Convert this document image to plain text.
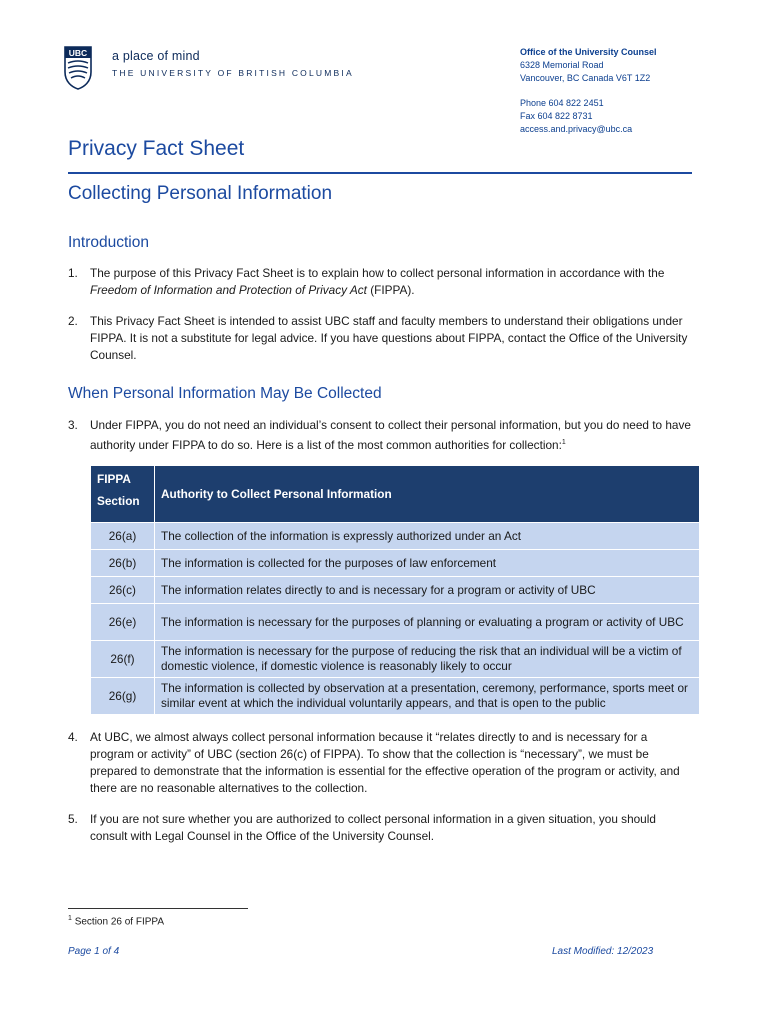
UBC a place of mind
THE UNIVERSITY OF BRITISH COLUMBIA
Office of the University Counsel
6328 Memorial Road
Vancouver, BC Canada V6T 1Z2
Phone 604 822 2451
Fax 604 822 8731
access.and.privacy@ubc.ca
Privacy Fact Sheet
Collecting Personal Information
Introduction
1. The purpose of this Privacy Fact Sheet is to explain how to collect personal information in accordance with the Freedom of Information and Protection of Privacy Act (FIPPA).
2. This Privacy Fact Sheet is intended to assist UBC staff and faculty members to understand their obligations under FIPPA. It is not a substitute for legal advice. If you have questions about FIPPA, contact the Office of the University Counsel.
When Personal Information May Be Collected
3. Under FIPPA, you do not need an individual’s consent to collect their personal information, but you do need to have authority under FIPPA to do so. Here is a list of the most common authorities for collection:$^1$
FIPPA Section	Authority to Collect Personal Information
26(a)	The collection of the information is expressly authorized under an Act
26(b)	The information is collected for the purposes of law enforcement
26(c)	The information relates directly to and is necessary for a program or activity of UBC
26(e)	The information is necessary for the purposes of planning or evaluating a program or activity of UBC
26(f)	The information is necessary for the purpose of reducing the risk that an individual will be a victim of domestic violence, if domestic violence is reasonably likely to occur
26(g)	The information is collected by observation at a presentation, ceremony, performance, sports meet or similar event at which the individual voluntarily appears, and that is open to the public
4. At UBC, we almost always collect personal information because it “relates directly to and is necessary for a program or activity” of UBC (section 26(c) of FIPPA). To show that the collection is “necessary”, we must be prepared to demonstrate that the information is essential for the effective operation of the program or activity, and there are no reasonable alternatives to the collection.
5. If you are not sure whether you are authorized to collect personal information in a given situation, you should consult with Legal Counsel in the Office of the University Counsel.
$^1$ Section 26 of FIPPA
Page 1 of 4	Last Modified: 12/2023
